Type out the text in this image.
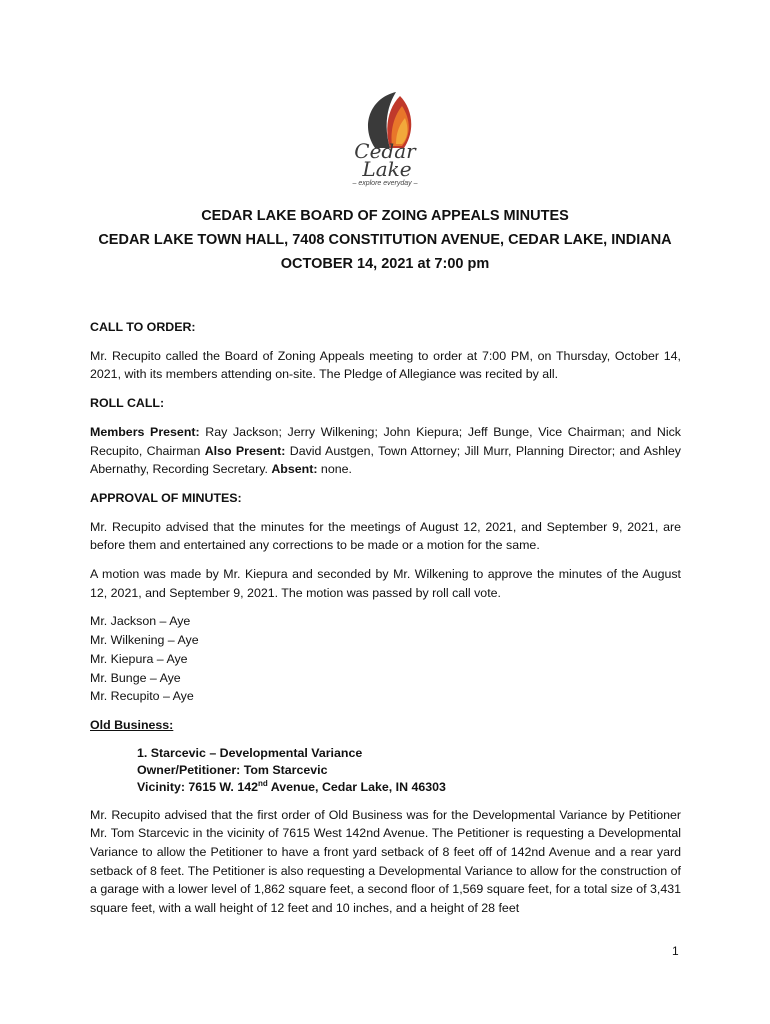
Cedar
Lake
– explore everyday –
CEDAR LAKE BOARD OF ZOING APPEALS MINUTES
CEDAR LAKE TOWN HALL, 7408 CONSTITUTION AVENUE, CEDAR LAKE, INDIANA
OCTOBER 14, 2021 at 7:00 pm
CALL TO ORDER:

Mr. Recupito called the Board of Zoning Appeals meeting to order at 7:00 PM, on Thursday, October 14, 2021, with its members attending on-site. The Pledge of Allegiance was recited by all.

ROLL CALL:

Members Present: Ray Jackson; Jerry Wilkening; John Kiepura; Jeff Bunge, Vice Chairman; and Nick Recupito, Chairman Also Present: David Austgen, Town Attorney; Jill Murr, Planning Director; and Ashley Abernathy, Recording Secretary. Absent: none.

APPROVAL OF MINUTES:

Mr. Recupito advised that the minutes for the meetings of August 12, 2021, and September 9, 2021, are before them and entertained any corrections to be made or a motion for the same.

A motion was made by Mr. Kiepura and seconded by Mr. Wilkening to approve the minutes of the August 12, 2021, and September 9, 2021. The motion was passed by roll call vote.

Mr. Jackson – Aye
Mr. Wilkening – Aye
Mr. Kiepura – Aye
Mr. Bunge – Aye
Mr. Recupito – Aye
Old Business:
1. Starcevic – Developmental Variance
Owner/Petitioner: Tom Starcevic
Vicinity: 7615 W. 142nd Avenue, Cedar Lake, IN 46303

Mr. Recupito advised that the first order of Old Business was for the Developmental Variance by Petitioner Mr. Tom Starcevic in the vicinity of 7615 West 142nd Avenue. The Petitioner is requesting a Developmental Variance to allow the Petitioner to have a front yard setback of 8 feet off of 142nd Avenue and a rear yard setback of 8 feet. The Petitioner is also requesting a Developmental Variance to allow for the construction of a garage with a lower level of 1,862 square feet, a second floor of 1,569 square feet, for a total size of 3,431 square feet, with a wall height of 12 feet and 10 inches, and a height of 28 feet

1
